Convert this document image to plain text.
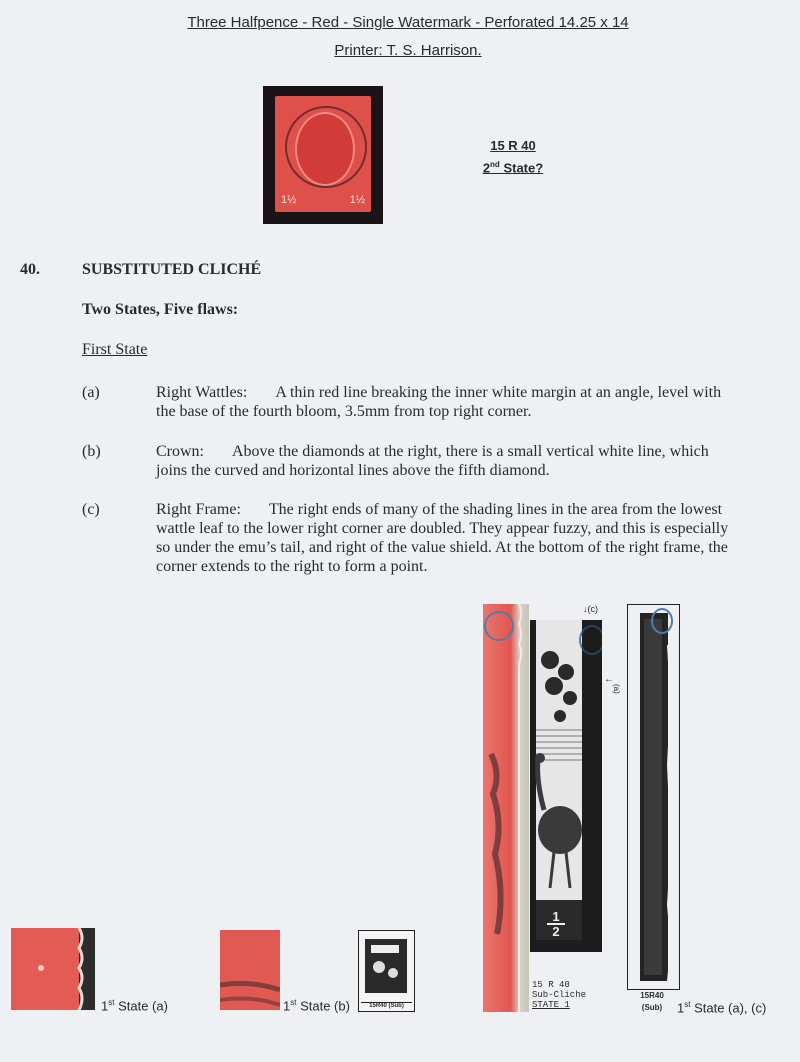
Three Halfpence - Red - Single Watermark - Perforated 14.25 x 14
Printer: T. S. Harrison.
1½	1½
15 R 40
2nd State?
40.	SUBSTITUTED CLICHÉ
Two States, Five flaws:
First State
(a)	Right Wattles: A thin red line breaking the inner white margin at an angle, level with the base of the fourth bloom, 3.5mm from top right corner.
(b)	Crown: Above the diamonds at the right, there is a small vertical white line, which joins the curved and horizontal lines above the fifth diamond.
(c)	Right Frame: The right ends of many of the shading lines in the area from the lowest wattle leaf to the lower right corner are doubled. They appear fuzzy, and this is especially so under the emu’s tail, and right of the value shield. At the bottom of the right frame, the corner extends to the right to form a point.
$\frac{1}{2}$
15 R 40
Sub-Cliche
STATE 1
↓(c)
←
(a)
15R40
(Sub)
1st State (a)	1st State (b)	15R40 (Sub)	1st State (a), (c)
